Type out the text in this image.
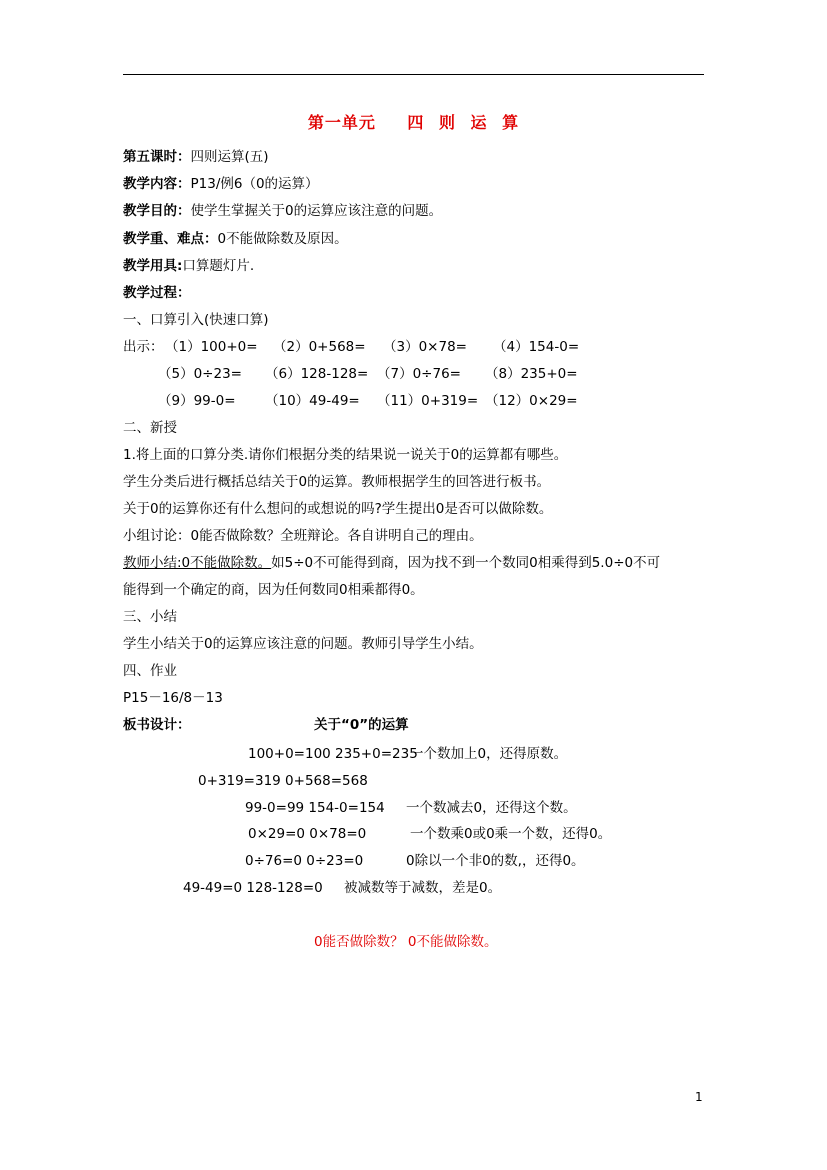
第一单元　 四 则 运 算
第五课时：四则运算(五)
教学内容：P13/例6（0的运算）
教学目的：使学生掌握关于0的运算应该注意的问题。
教学重、难点：0不能做除数及原因。
教学用具:口算题灯片.
教学过程：
一、口算引入(快速口算)
出示： （1）100+0= （2）0+568= （3）0×78= （4）154-0=
（5）0÷23= （6）128-128= （7）0÷76= （8）235+0=
（9）99-0= （10）49-49= （11）0+319= （12）0×29=
二、新授
1.将上面的口算分类.请你们根据分类的结果说一说关于0的运算都有哪些。
学生分类后进行概括总结关于0的运算。教师根据学生的回答进行板书。
关于0的运算你还有什么想问的或想说的吗?学生提出0是否可以做除数。
小组讨论：0能否做除数？全班辩论。各自讲明自己的理由。
教师小结:0不能做除数。如5÷0不可能得到商，因为找不到一个数同0相乘得到5.0÷0不可
能得到一个确定的商，因为任何数同0相乘都得0。
三、小结
学生小结关于0的运算应该注意的问题。教师引导学生小结。
四、作业
P15－16/8－13
板书设计：	关于“0”的运算
100+0=100 235+0=235
一个数加上0，还得原数。
0+319=319 0+568=568
99-0=99 154-0=154 一个数减去0，还得这个数。
0×29=0 0×78=0	一个数乘0或0乘一个数，还得0。
0÷76=0 0÷23=0	0除以一个非0的数,，还得0。
49-49=0 128-128=0 被减数等于减数，差是0。
0能否做除数？ 0不能做除数。
1
